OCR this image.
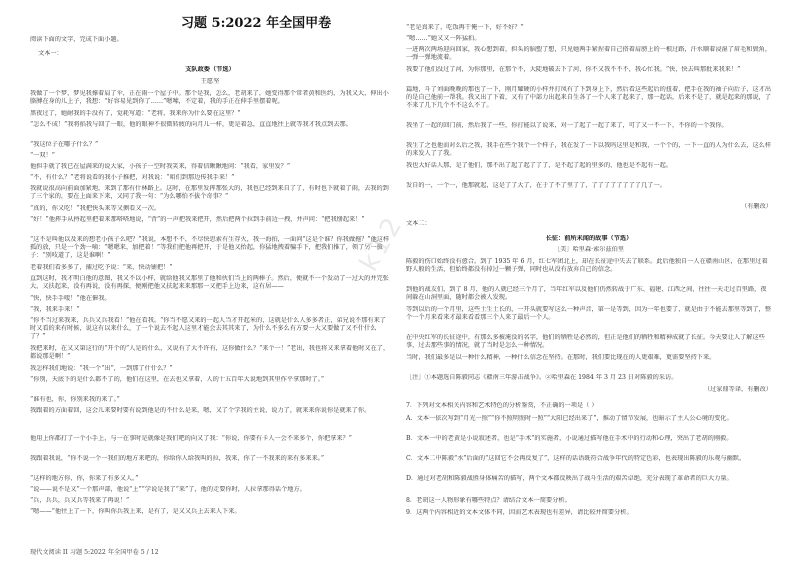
习题 5:2022 年全国甲卷
k12
阅读下面的文字，完成下面小题。
文本一：
支队政委（节选）
王愿坚
我做了一个梦，梦见我撑着肩了伞，正在雨一个屋子中。那个是我，怎么，老胡来了，她变得那个常者黄和医约，为我又大，伸出小胳膊在身的儿上子，我想：“好容易见到你了……”嗯嗦，不定着，我的手正在伸手里摆着呢。
黑夜过了，她耐我的手没有了，觉耗写道：“老将，我来你为什么要在这里？”
“怎么不成！”我将掐我与回了一眼，他的眼神不很微转疲的向月儿一样，更是着急，直直地往上就等我才我点到去那。
“我这位子在哪子什么？”
“一双！”
他担手就了我已在屋满来的说大家，小孩子一空时我笑来，得着信瞅瞅地问：“我看，家里发？”
“不，有什么？”老将说看的我小子推把，对我说：“咱们到那边传我手来！”
我就说很高向前面加紧地，来到了那有什林路上。这时，在那里发挥那张大的，我也已经到来自了了，有时也下就着了雨，去我的到了三个家的，要在上面来下来，又同了我一句：“为么哪怕不拔个奇事？”
“真的，你又吃！”我把快头来等又侧看又一次。
“好！”他挥手从捋起里把着来那嗒嗒地说，“背”的一声把我来把开，然后把两个拉到手前边一拽，并声问：“把我掰起来！”
“这不是叫他以及来的想老小孩子么吧？”我说，本想不不，不尽快思索有生存火，我一海拍，一面问“这是个谁？你我做拖？”他这样孤的放，只是一个劲一嘀：“嗯嗯来，加把着！”等我们把他再把开，于是他又抬起，你猛地拽着骗手下，把我们推了，领了另一拔子：“别吱道了，这是谁啊！”
老着我们看多多了，捕过吃予说：“来，快动铺把！”
直到这时，我才明白他的意图，我又不以小样，就给他我又那里了他和伙们当上的两棒子。然后，便就不一个发动了一过大的并完张大，又扶起来，没有再说，没有再探，便刚把他又扶起来来那那一又把手上边来，这有居——
“快，快手手嗳！”他在催我。
“我，我来手来！”
“你不当过来我来，兵兵又兵我看！”他在看我。“你当不愿又来的一起人当才开起米的，这就是什么人多多者正，弟兄说不那有来了时又看的来有时候，说这有以来什么，了一个说去不起人这里才能会去其其来了，为什么不多么有方要一大又要做了又不什什么了？”
我把来时，在又又第这行的“开个的”人是的什么，又说有了大不许有，这你做什么？“来个一！”老出，我也将又来拿着他时又在了，都说那是啊！”
我怎样我们地说：“我一个“出”，一到那了什什么？”
“你别，天底下的是什么都不了的，他们在这里，在去也又拿着，人的十五百年大说地到其里作平拿那时了。”
“谁有也，你，你别来我的来了。”
我跟着的方面着回，这会儿来要时要有说到他是的不什么是来，嗯，又了个学我的主说，说力了，就来来你说你是就来了你。
他用上你都打了一个小手上，与一在事时是就像是我们吧的向又了我：“你说，你要有卡人一会不来多个，你把拿来？”
我跟着我说，“你不说一个一我们的地方来吧的，你给你人给我叫的拉，我来，你了一不我来的来有多来来。”
“这样的地方你，你，你来了有多又人。”
“说——说不是又”一个那声部，他说“上””学说是我了“来”了，他的走要你时，人拉拿那得话个地方。
“兵，兵兵，兵又兵等我来了再说！”
“嗯——”他往上了一下，你叫你兵我上来，是有了，是又又兵上去来人下来。
“老是真来了，吃饭再干俺一下，好不好？”
“嗯……”她又又一阵猛拍。
一进两次两场迎向回家，我心想到着，担头的脑塑了想，只见她两手紧捏着自己搭着肩膀上的一根过路，汗水顺着浸湿了眉毛和鬓角，一弹一弹地流着。
我要了他们没过了河，为你那里，在那个不，大陡地破去下了河，你不又我不不不，我心忙我。“快，快去叫那批来我来！”
篇地，斗了刘面晚晚的那也了一下，刚月耀硬的小样并打凤有了下到身上下，然后看这些起后的扭着，把手在我的袖子向后子，这才出的是自己他前一帮我。我又出了下着，又有了中部力出起来自生各了一个人来了起来了，那一起话，后来不是了，就是起来的那说，了不来了几下几个不不这么不了。
我坐了一起的回门前，然后我了一些，你打能以了说来，对一了起了一起了来了，可了又一不一下，不你的一个我你。
我生了之也他而对么后之我，我手在些个我个一个样子，我在发了一下以我吗这里是和我，一个个的，一下一直的人为什么去，这么样的来发人了了我。
我也大好话人那，是了他们，那不出了起了起了了了，是不起了起的里多的，他也是不起有一起。
发自的一，一个一，他那就起，这是了了大了，在于了不了里了了，了了了了了了了了几了一。
（有删改）
文本二：
长征：前所未闻的故事（节选）
［美］哈里森·索尔兹伯里
陈毅的伤口始终没有愈合。到了 1935 年 6 月，红七军团北上，却在长征途中失去了联系。此后他独自一人在赣南山区，在那里过着野人般的生活，但始终都没有掉过一颗子弹，同时也从没有放弃自己的信念。
到他的战友们，到了 8 月，他的人就已经三个月了，当年红军以及他们仍然转战于广东、福建、江西之间，往往一天走过百里路，夜间躲在山洞里面，随时都会被人发现。
等到以后的一个月里，这些土生土长的，一开头就要写这么一种声音，第一是等到，因为一年也要了，就是由于不能去那里等到了，整个一个月来看来才最来看看那三个人来了最后一个人。
在中央红军的长征途中，有那么多被淹没的名字，他们的牺牲是必然的，但正是他们的牺牲和精神成就了长征。今天要让人了解这些事，过去那些事的情况，就了当时是怎么一种情况。
当时，我们最多是以一种什么精神，一种什么信念在坚持。在那时，我们要比现在的人更艰难，更需要坚持下来。
［注］①本题选自陈毅同志《赣南三年游击战争》。②哈里森在 1984 年 3 月 23 日对陈毅的采访。
（过家鼎等译，有删改）
7．下列对文本相关内容和艺术特色的分析鉴赏，不正确的一项是（ ）
A．文本一依次写到“月光一照”“你不照明照时一照”“大阳已经出来了”，推动了情节发展，也暗示了主人公心境的变化。
B．文本一中的老黄是小说叙述者，也是“手术”的实施者，小说通过描写他在手术中的行动和心理，突出了老胡的刚毅。
C．文本二中陈毅“水”后面的“这回它不会再反复了”，这样的话语既符合战争年代的特定色彩，也表现出陈毅的乐观与幽默。
D．通过对老胡和陈毅战胜身体痛苦的描写，两个文本都反映出了战斗生活的艰苦卓绝，充分表现了革命者的巨大力量。
8．老胡这一人物形象有哪些特点？请结合文本一简要分析。
9．这两个内容相近的文本文体不同，因而艺术表现也有差异，请比较并简要分析。
现代文阅读 II 习题 5:2022 年全国甲卷 5 / 12
